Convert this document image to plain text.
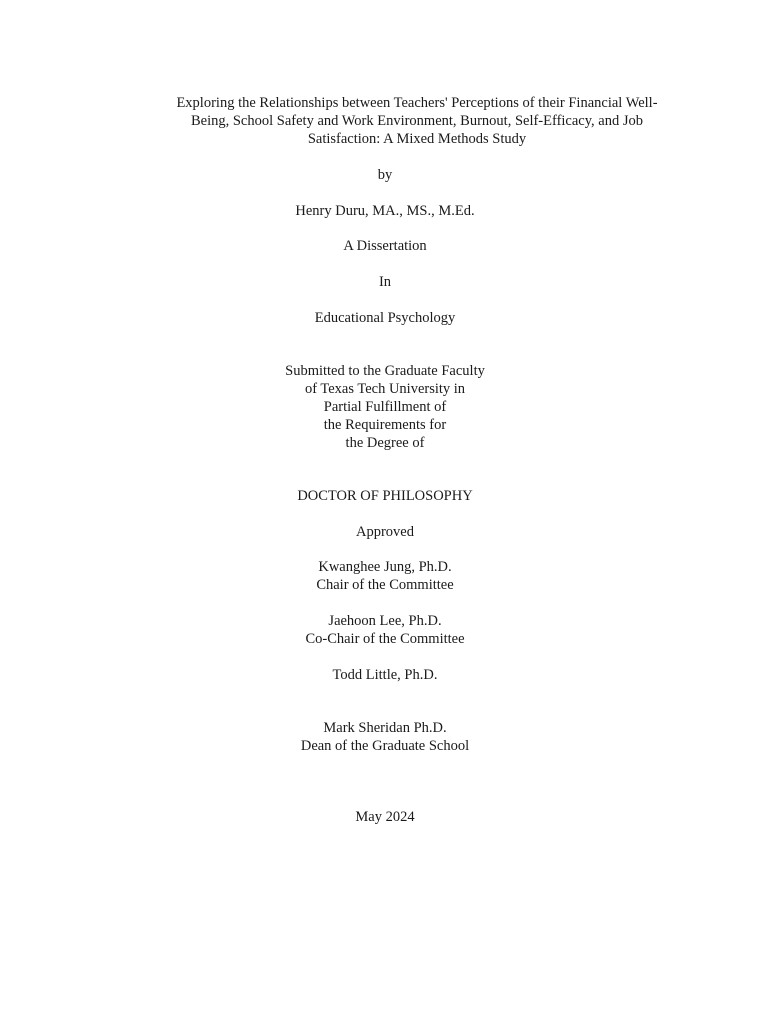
Exploring the Relationships between Teachers' Perceptions of their Financial Well-
Being, School Safety and Work Environment, Burnout, Self-Efficacy, and Job
Satisfaction: A Mixed Methods Study
by
Henry Duru, MA., MS., M.Ed.
A Dissertation
In
Educational Psychology
Submitted to the Graduate Faculty
of Texas Tech University in
Partial Fulfillment of
the Requirements for
the Degree of
DOCTOR OF PHILOSOPHY
Approved
Kwanghee Jung, Ph.D.
Chair of the Committee
Jaehoon Lee, Ph.D.
Co-Chair of the Committee
Todd Little, Ph.D.
Mark Sheridan Ph.D.
Dean of the Graduate School
May 2024
